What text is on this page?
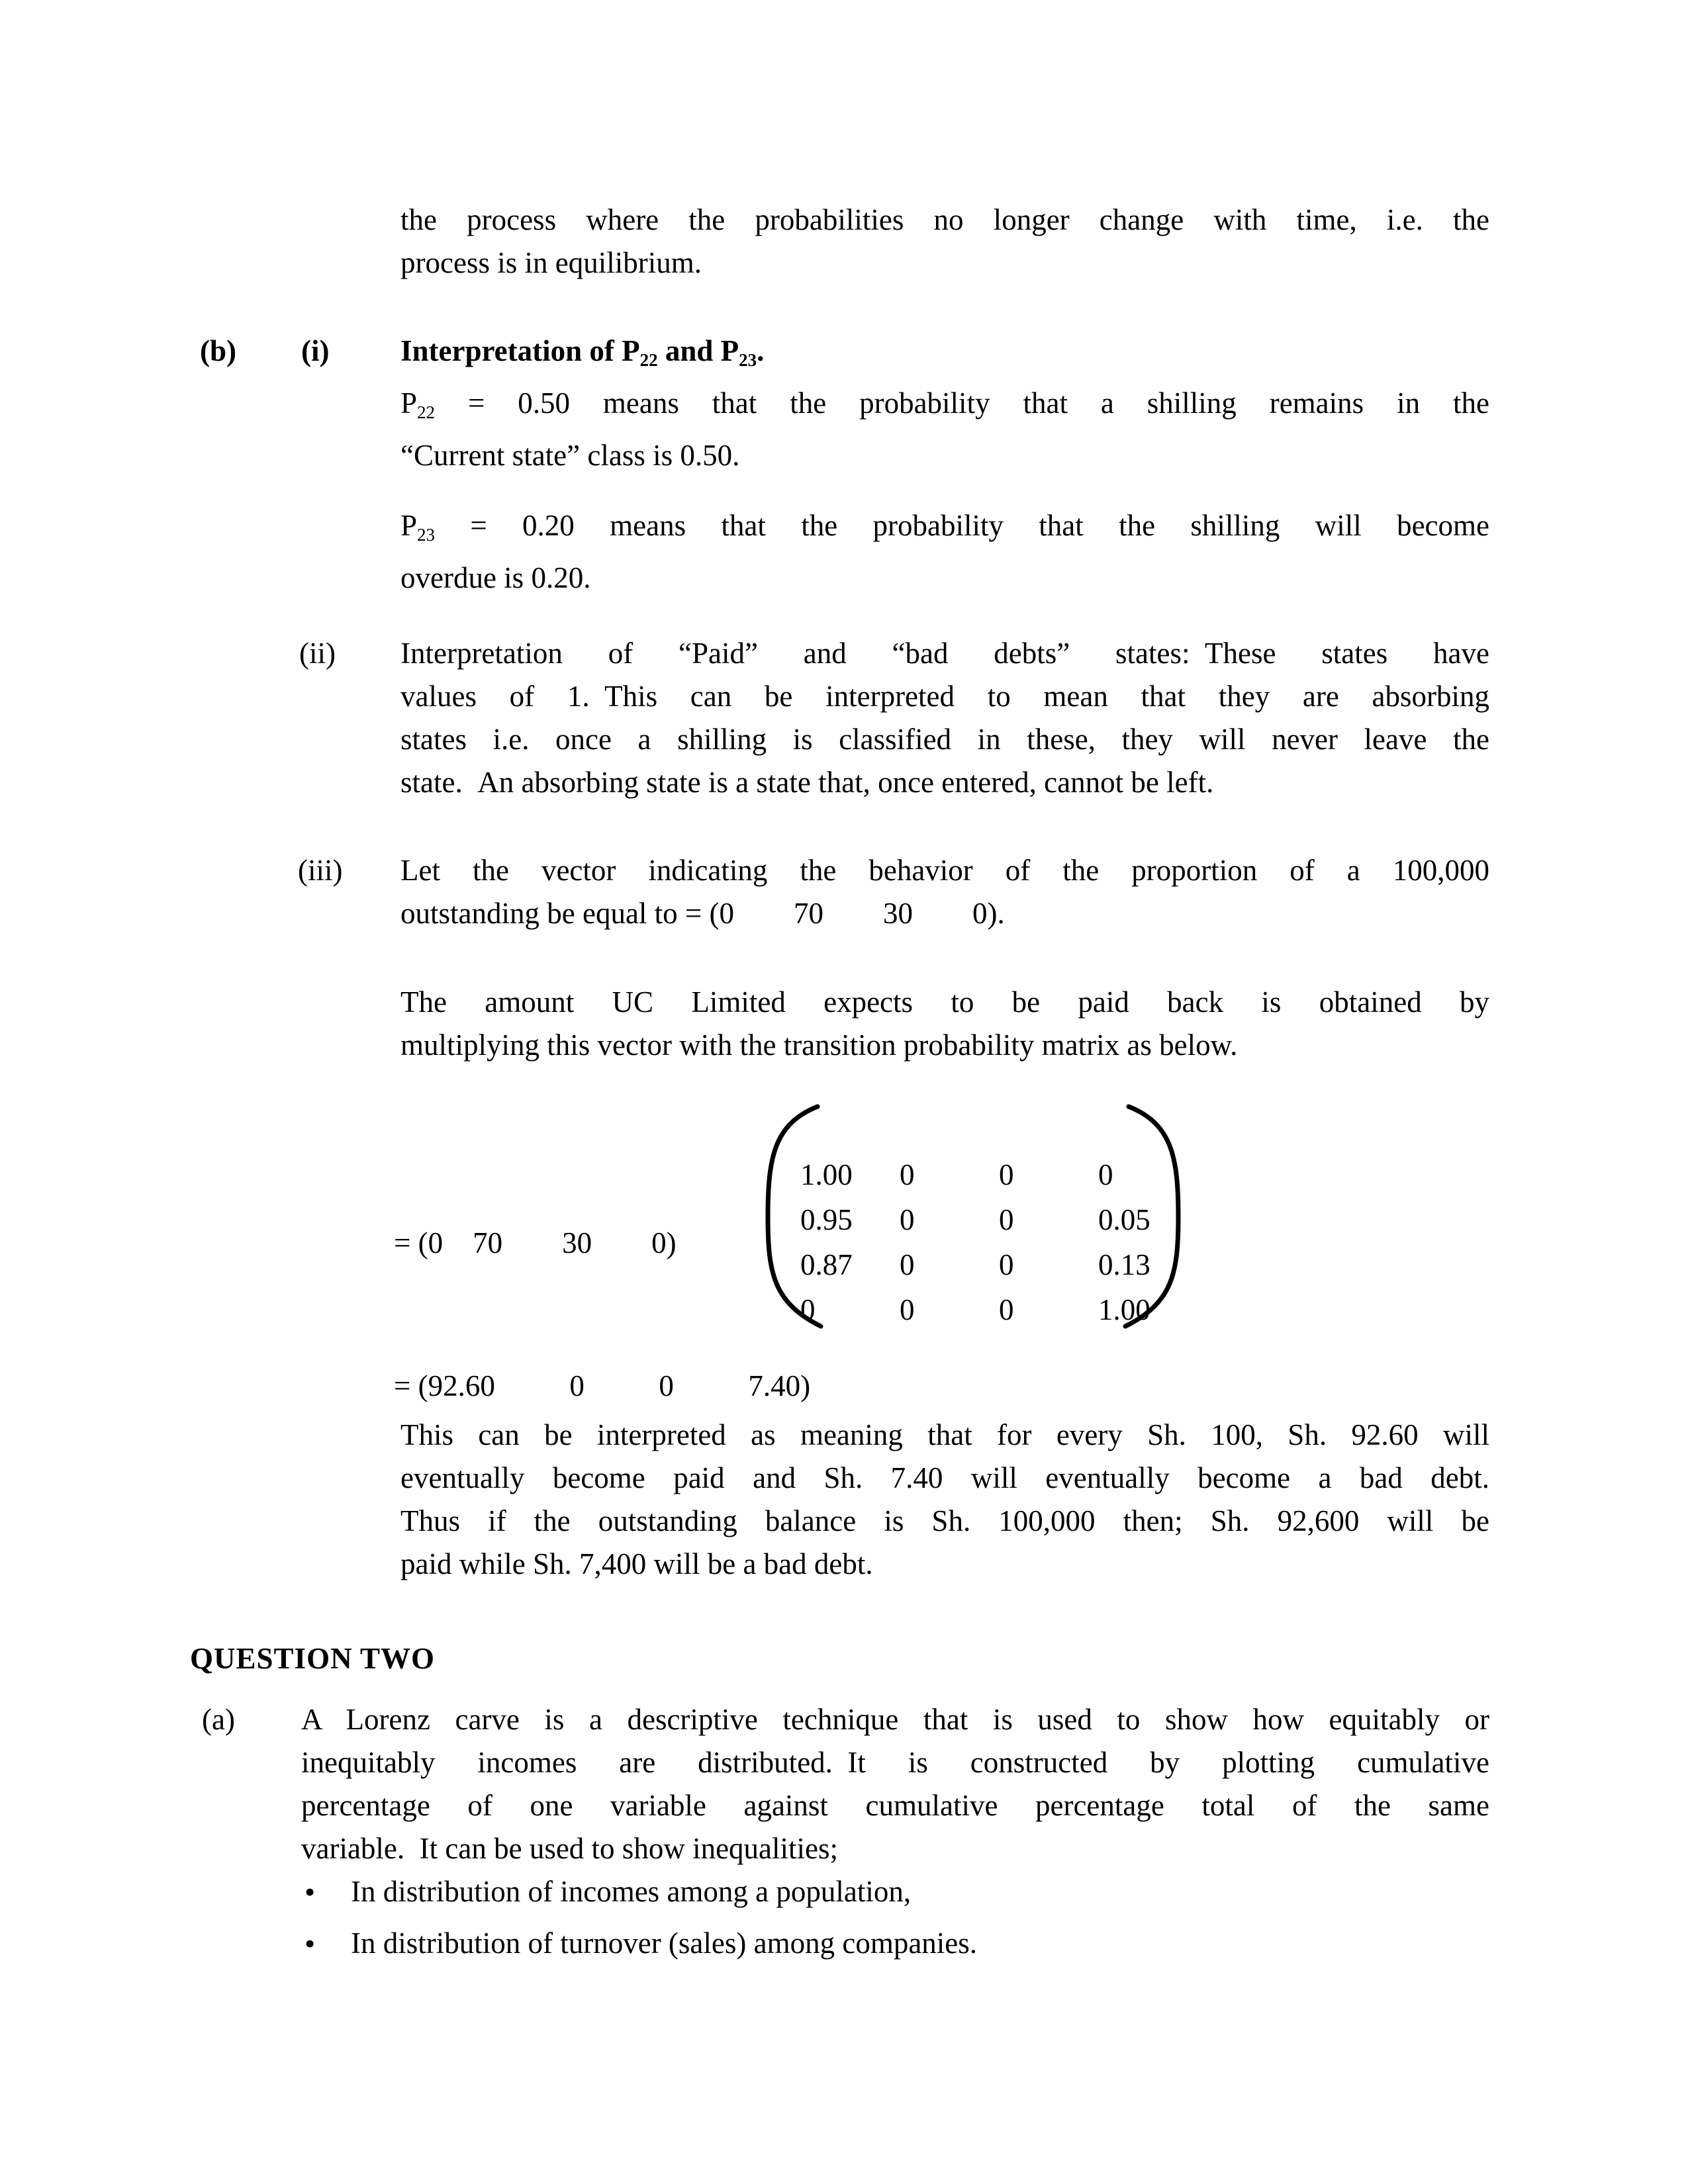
the process where the probabilities no longer change with time, i.e. the
process is in equilibrium.
(b) (i) Interpretation of $P_{22}$ and $P_{23}$.
$P_{22} = 0.50$ means that the probability that a shilling remains in the
“Current state” class is 0.50.
$P_{23} = 0.20$ means that the probability that the shilling will become
overdue is 0.20.
(ii) Interpretation of “Paid” and “bad debts” states: These states have
values of 1. This can be interpreted to mean that they are absorbing
states i.e. once a shilling is classified in these, they will never leave the
state. An absorbing state is a state that, once entered, cannot be left.
(iii) Let the vector indicating the behavior of the proportion of a 100,000
outstanding be equal to = (0  70  30  0).
The amount UC Limited expects to be paid back is obtained by
multiplying this vector with the transition probability matrix as below.
= (0 70  30  0)
1.00	0	0	0
0.95	0	0	0.05
0.87	0	0	0.13
0	0	0	1.00
= (92.60   0   0   7.40)
This can be interpreted as meaning that for every Sh. 100, Sh. 92.60 will
eventually become paid and Sh. 7.40 will eventually become a bad debt.
Thus if the outstanding balance is Sh. 100,000 then; Sh. 92,600 will be
paid while Sh. 7,400 will be a bad debt.
QUESTION TWO
(a) A Lorenz carve is a descriptive technique that is used to show how equitably or
inequitably incomes are distributed. It is constructed by plotting cumulative
percentage of one variable against cumulative percentage total of the same
variable. It can be used to show inequalities;
•	In distribution of incomes among a population,
•	In distribution of turnover (sales) among companies.
